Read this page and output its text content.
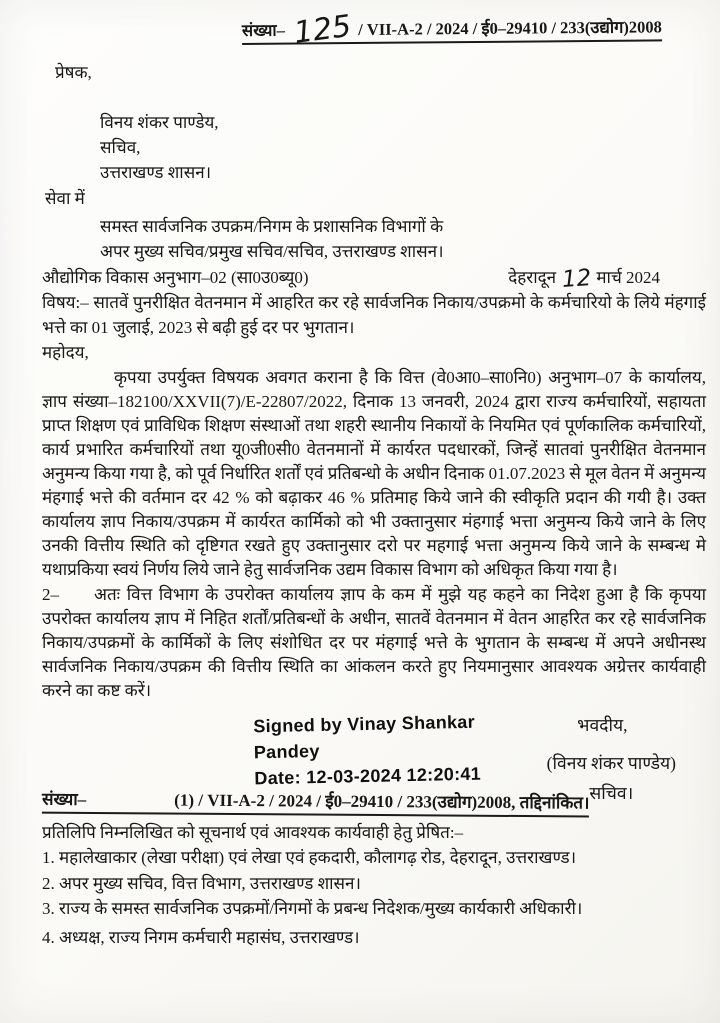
संख्या– 125 / VII-A-2 / 2024 / ई0–29410 / 233(उद्योग)2008
प्रेषक,
विनय शंकर पाण्डेय,
सचिव,
उत्तराखण्ड शासन।
सेवा में
समस्त सार्वजनिक उपक्रम/निगम के प्रशासनिक विभागों के
अपर मुख्य सचिव/प्रमुख सचिव/सचिव, उत्तराखण्ड शासन।
औद्योगिक विकास अनुभाग–02 (सा0उ0ब्यू0)	देहरादून 12 मार्च 2024

विषय:– सातवें पुनरीक्षित वेतनमान में आहरित कर रहे सार्वजनिक निकाय/उपक्रमो के कर्मचारियो के लिये मंहगाई भत्ते का 01 जुलाई, 2023 से बढ़ी हुई दर पर भुगतान।

महोदय,

कृपया उपर्युक्त विषयक अवगत कराना है कि वित्त (वे0आ0–सा0नि0) अनुभाग–07 के कार्यालय, ज्ञाप संख्या–182100/XXVII(7)/E-22807/2022, दिनाक 13 जनवरी, 2024 द्वारा राज्य कर्मचारियों, सहायता प्राप्त शिक्षण एवं प्राविधिक शिक्षण संस्थाओं तथा शहरी स्थानीय निकायों के नियमित एवं पूर्णकालिक कर्मचारियों, कार्य प्रभारित कर्मचारियों तथा यू0जी0सी0 वेतनमानों में कार्यरत पदधारकों, जिन्हें सातवां पुनरीक्षित वेतनमान अनुमन्य किया गया है, को पूर्व निर्धारित शर्तों एवं प्रतिबन्धो के अधीन दिनाक 01.07.2023 से मूल वेतन में अनुमन्य मंहगाई भत्ते की वर्तमान दर 42 % को बढ़ाकर 46 % प्रतिमाह किये जाने की स्वीकृति प्रदान की गयी है। उक्त कार्यालय ज्ञाप निकाय/उपक्रम में कार्यरत कार्मिको को भी उक्तानुसार मंहगाई भत्ता अनुमन्य किये जाने के लिए उनकी वित्तीय स्थिति को दृष्टिगत रखते हुए उक्तानुसार दरो पर महगाई भत्ता अनुमन्य किये जाने के सम्बन्ध मे यथाप्रकिया स्वयं निर्णय लिये जाने हेतु सार्वजनिक उद्यम विकास विभाग को अधिकृत किया गया है।

2– अतः वित्त विभाग के उपरोक्त कार्यालय ज्ञाप के कम में मुझे यह कहने का निदेश हुआ है कि कृपया उपरोक्त कार्यालय ज्ञाप में निहित शर्तों/प्रतिबन्धों के अधीन, सातवें वेतनमान में वेतन आहरित कर रहे सार्वजनिक निकाय/उपक्रमों के कार्मिकों के लिए संशोधित दर पर मंहगाई भत्ते के भुगतान के सम्बन्ध में अपने अधीनस्थ सार्वजनिक निकाय/उपक्रम की वित्तीय स्थिति का आंकलन करते हुए नियमानुसार आवश्यक अग्रेत्तर कार्यवाही करने का कष्ट करें।

Signed by Vinay Shankar
Pandey
Date: 12-03-2024 12:20:41
भवदीय,
(विनय शंकर पाण्डेय)
सचिव।
संख्या–	(1) / VII-A-2 / 2024 / ई0–29410 / 233(उद्योग)2008, तद्दिनांकित।
प्रतिलिपि निम्नलिखित को सूचनार्थ एवं आवश्यक कार्यवाही हेतु प्रेषित:–
1. महालेखाकार (लेखा परीक्षा) एवं लेखा एवं हकदारी, कौलागढ़ रोड, देहरादून, उत्तराखण्ड।
2. अपर मुख्य सचिव, वित्त विभाग, उत्तराखण्ड शासन।
3. राज्य के समस्त सार्वजनिक उपक्रमों/निगमों के प्रबन्ध निदेशक/मुख्य कार्यकारी अधिकारी।
4. अध्यक्ष, राज्य निगम कर्मचारी महासंघ, उत्तराखण्ड।
